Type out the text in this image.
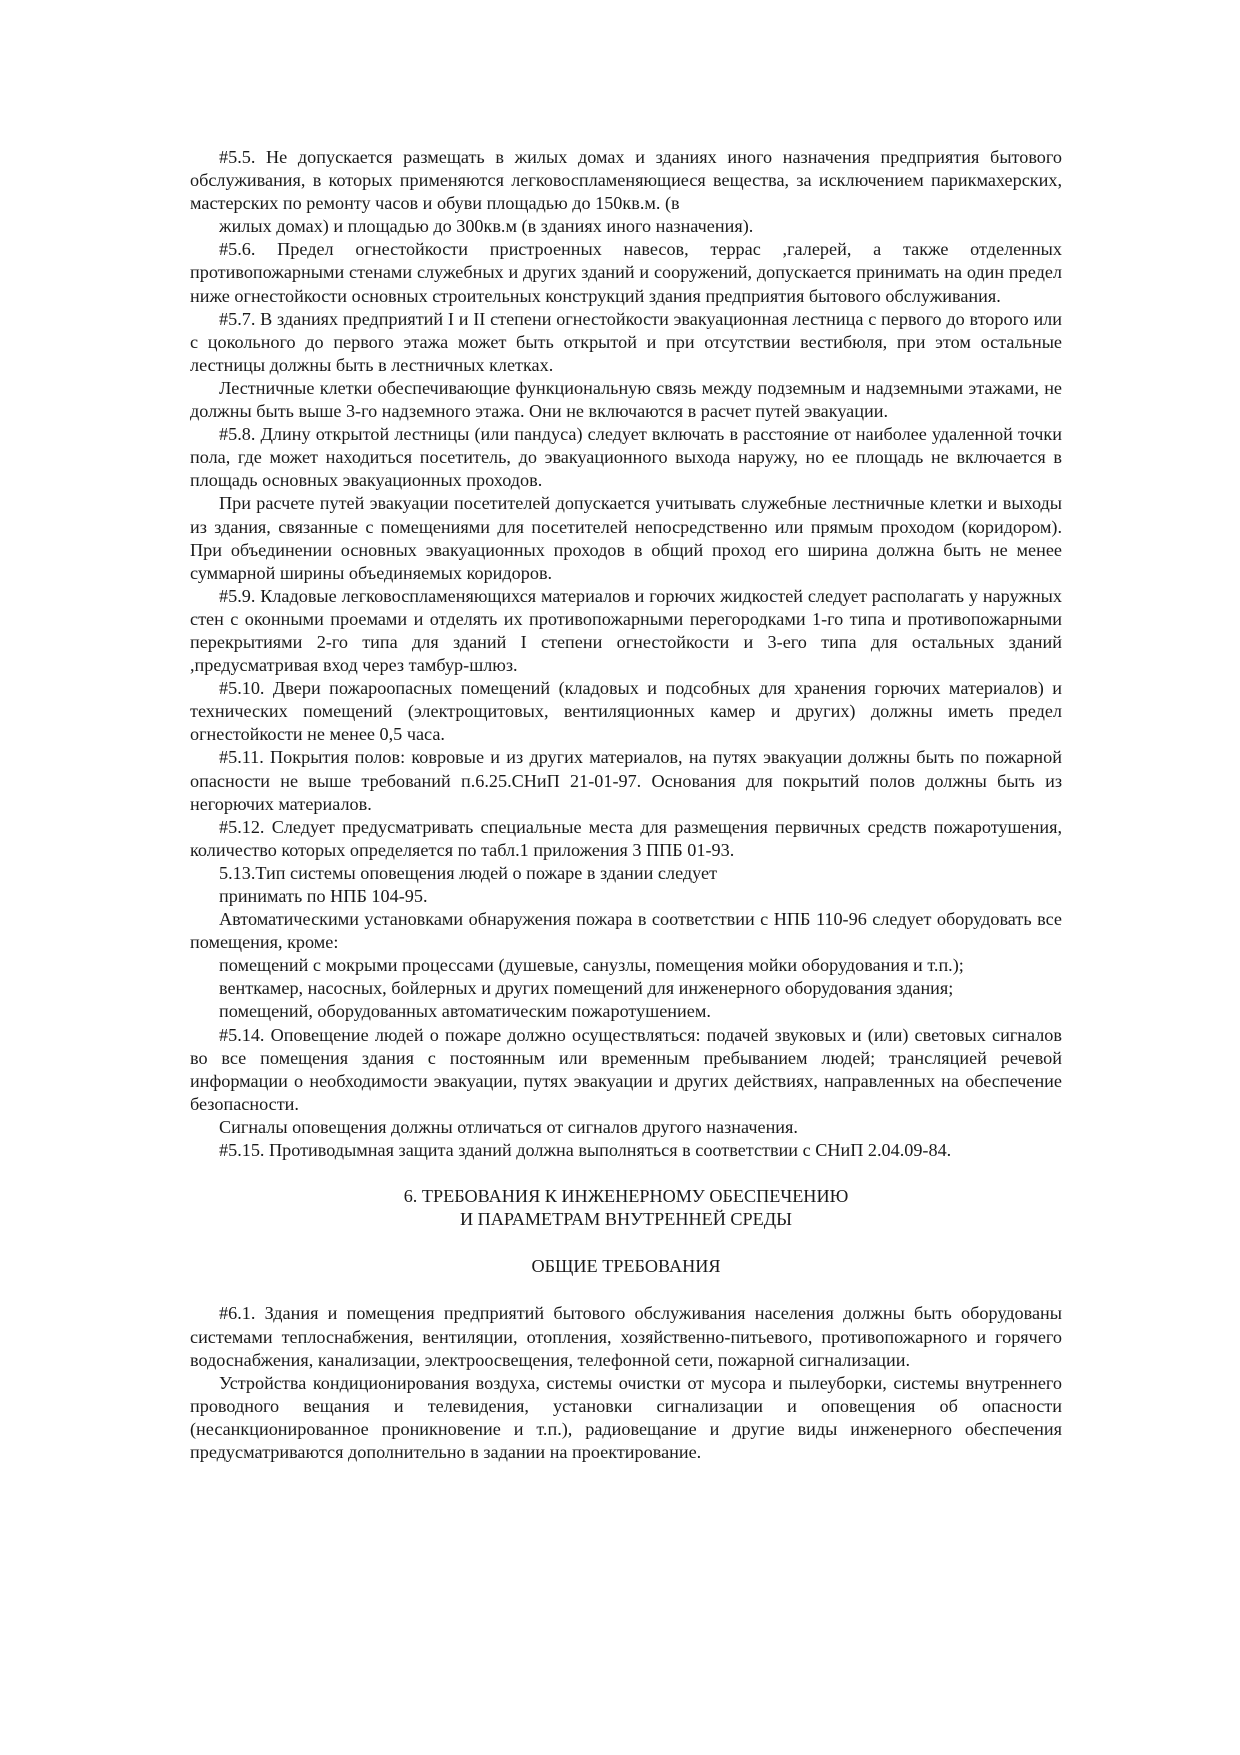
#5.5. Не допускается размещать в жилых домах и зданиях иного назначения предприятия бытового обслуживания, в которых применяются легковоспламеняющиеся вещества, за исключением парикмахерских, мастерских по ремонту часов и обуви площадью до 150кв.м. (в

жилых домах) и площадью до 300кв.м (в зданиях иного назначения).

#5.6. Предел огнестойкости пристроенных навесов, террас ,галерей, а также отделенных противопожарными стенами служебных и других зданий и сооружений, допускается принимать на один предел ниже огнестойкости основных строительных конструкций здания предприятия бытового обслуживания.

#5.7. В зданиях предприятий I и II степени огнестойкости эвакуационная лестница с первого до второго или с цокольного до первого этажа может быть открытой и при отсутствии вестибюля, при этом остальные лестницы должны быть в лестничных клетках.

Лестничные клетки обеспечивающие функциональную связь между подземным и надземными этажами, не должны быть выше 3-го надземного этажа. Они не включаются в расчет путей эвакуации.

#5.8. Длину открытой лестницы (или пандуса) следует включать в расстояние от наиболее удаленной точки пола, где может находиться посетитель, до эвакуационного выхода наружу, но ее площадь не включается в площадь основных эвакуационных проходов.

При расчете путей эвакуации посетителей допускается учитывать служебные лестничные клетки и выходы из здания, связанные с помещениями для посетителей непосредственно или прямым проходом (коридором). При объединении основных эвакуационных проходов в общий проход его ширина должна быть не менее суммарной ширины объединяемых коридоров.

#5.9. Кладовые легковоспламеняющихся материалов и горючих жидкостей следует располагать у наружных стен с оконными проемами и отделять их противопожарными перегородками 1-го типа и противопожарными перекрытиями 2-го типа для зданий I степени огнестойкости и 3-его типа для остальных зданий ,предусматривая вход через тамбур-шлюз.

#5.10. Двери пожароопасных помещений (кладовых и подсобных для хранения горючих материалов) и технических помещений (электрощитовых, вентиляционных камер и других) должны иметь предел огнестойкости не менее 0,5 часа.

#5.11. Покрытия полов: ковровые и из других материалов, на путях эвакуации должны быть по пожарной опасности не выше требований п.6.25.СНиП 21-01-97. Основания для покрытий полов должны быть из негорючих материалов.

#5.12. Следует предусматривать специальные места для размещения первичных средств пожаротушения, количество которых определяется по табл.1 приложения 3 ППБ 01-93.

5.13.Тип системы оповещения людей о пожаре в здании следует

принимать по НПБ 104-95.

Автоматическими установками обнаружения пожара в соответствии с НПБ 110-96 следует оборудовать все помещения, кроме:

помещений с мокрыми процессами (душевые, санузлы, помещения мойки оборудования и т.п.);

венткамер, насосных, бойлерных и других помещений для инженерного оборудования здания;

помещений, оборудованных автоматическим пожаротушением.

#5.14. Оповещение людей о пожаре должно осуществляться: подачей звуковых и (или) световых сигналов во все помещения здания с постоянным или временным пребыванием людей; трансляцией речевой информации о необходимости эвакуации, путях эвакуации и других действиях, направленных на обеспечение безопасности.

Сигналы оповещения должны отличаться от сигналов другого назначения.

#5.15. Противодымная защита зданий должна выполняться в соответствии с СНиП 2.04.09-84.

6. ТРЕБОВАНИЯ К ИНЖЕНЕРНОМУ ОБЕСПЕЧЕНИЮ

И ПАРАМЕТРАМ ВНУТРЕННЕЙ СРЕДЫ

ОБЩИЕ ТРЕБОВАНИЯ

#6.1. Здания и помещения предприятий бытового обслуживания населения должны быть оборудованы системами теплоснабжения, вентиляции, отопления, хозяйственно-питьевого, противопожарного и горячего водоснабжения, канализации, электроосвещения, телефонной сети, пожарной сигнализации.

Устройства кондиционирования воздуха, системы очистки от мусора и пылеуборки, системы внутреннего проводного вещания и телевидения, установки сигнализации и оповещения об опасности (несанкционированное проникновение и т.п.), радиовещание и другие виды инженерного обеспечения предусматриваются дополнительно в задании на проектирование.
